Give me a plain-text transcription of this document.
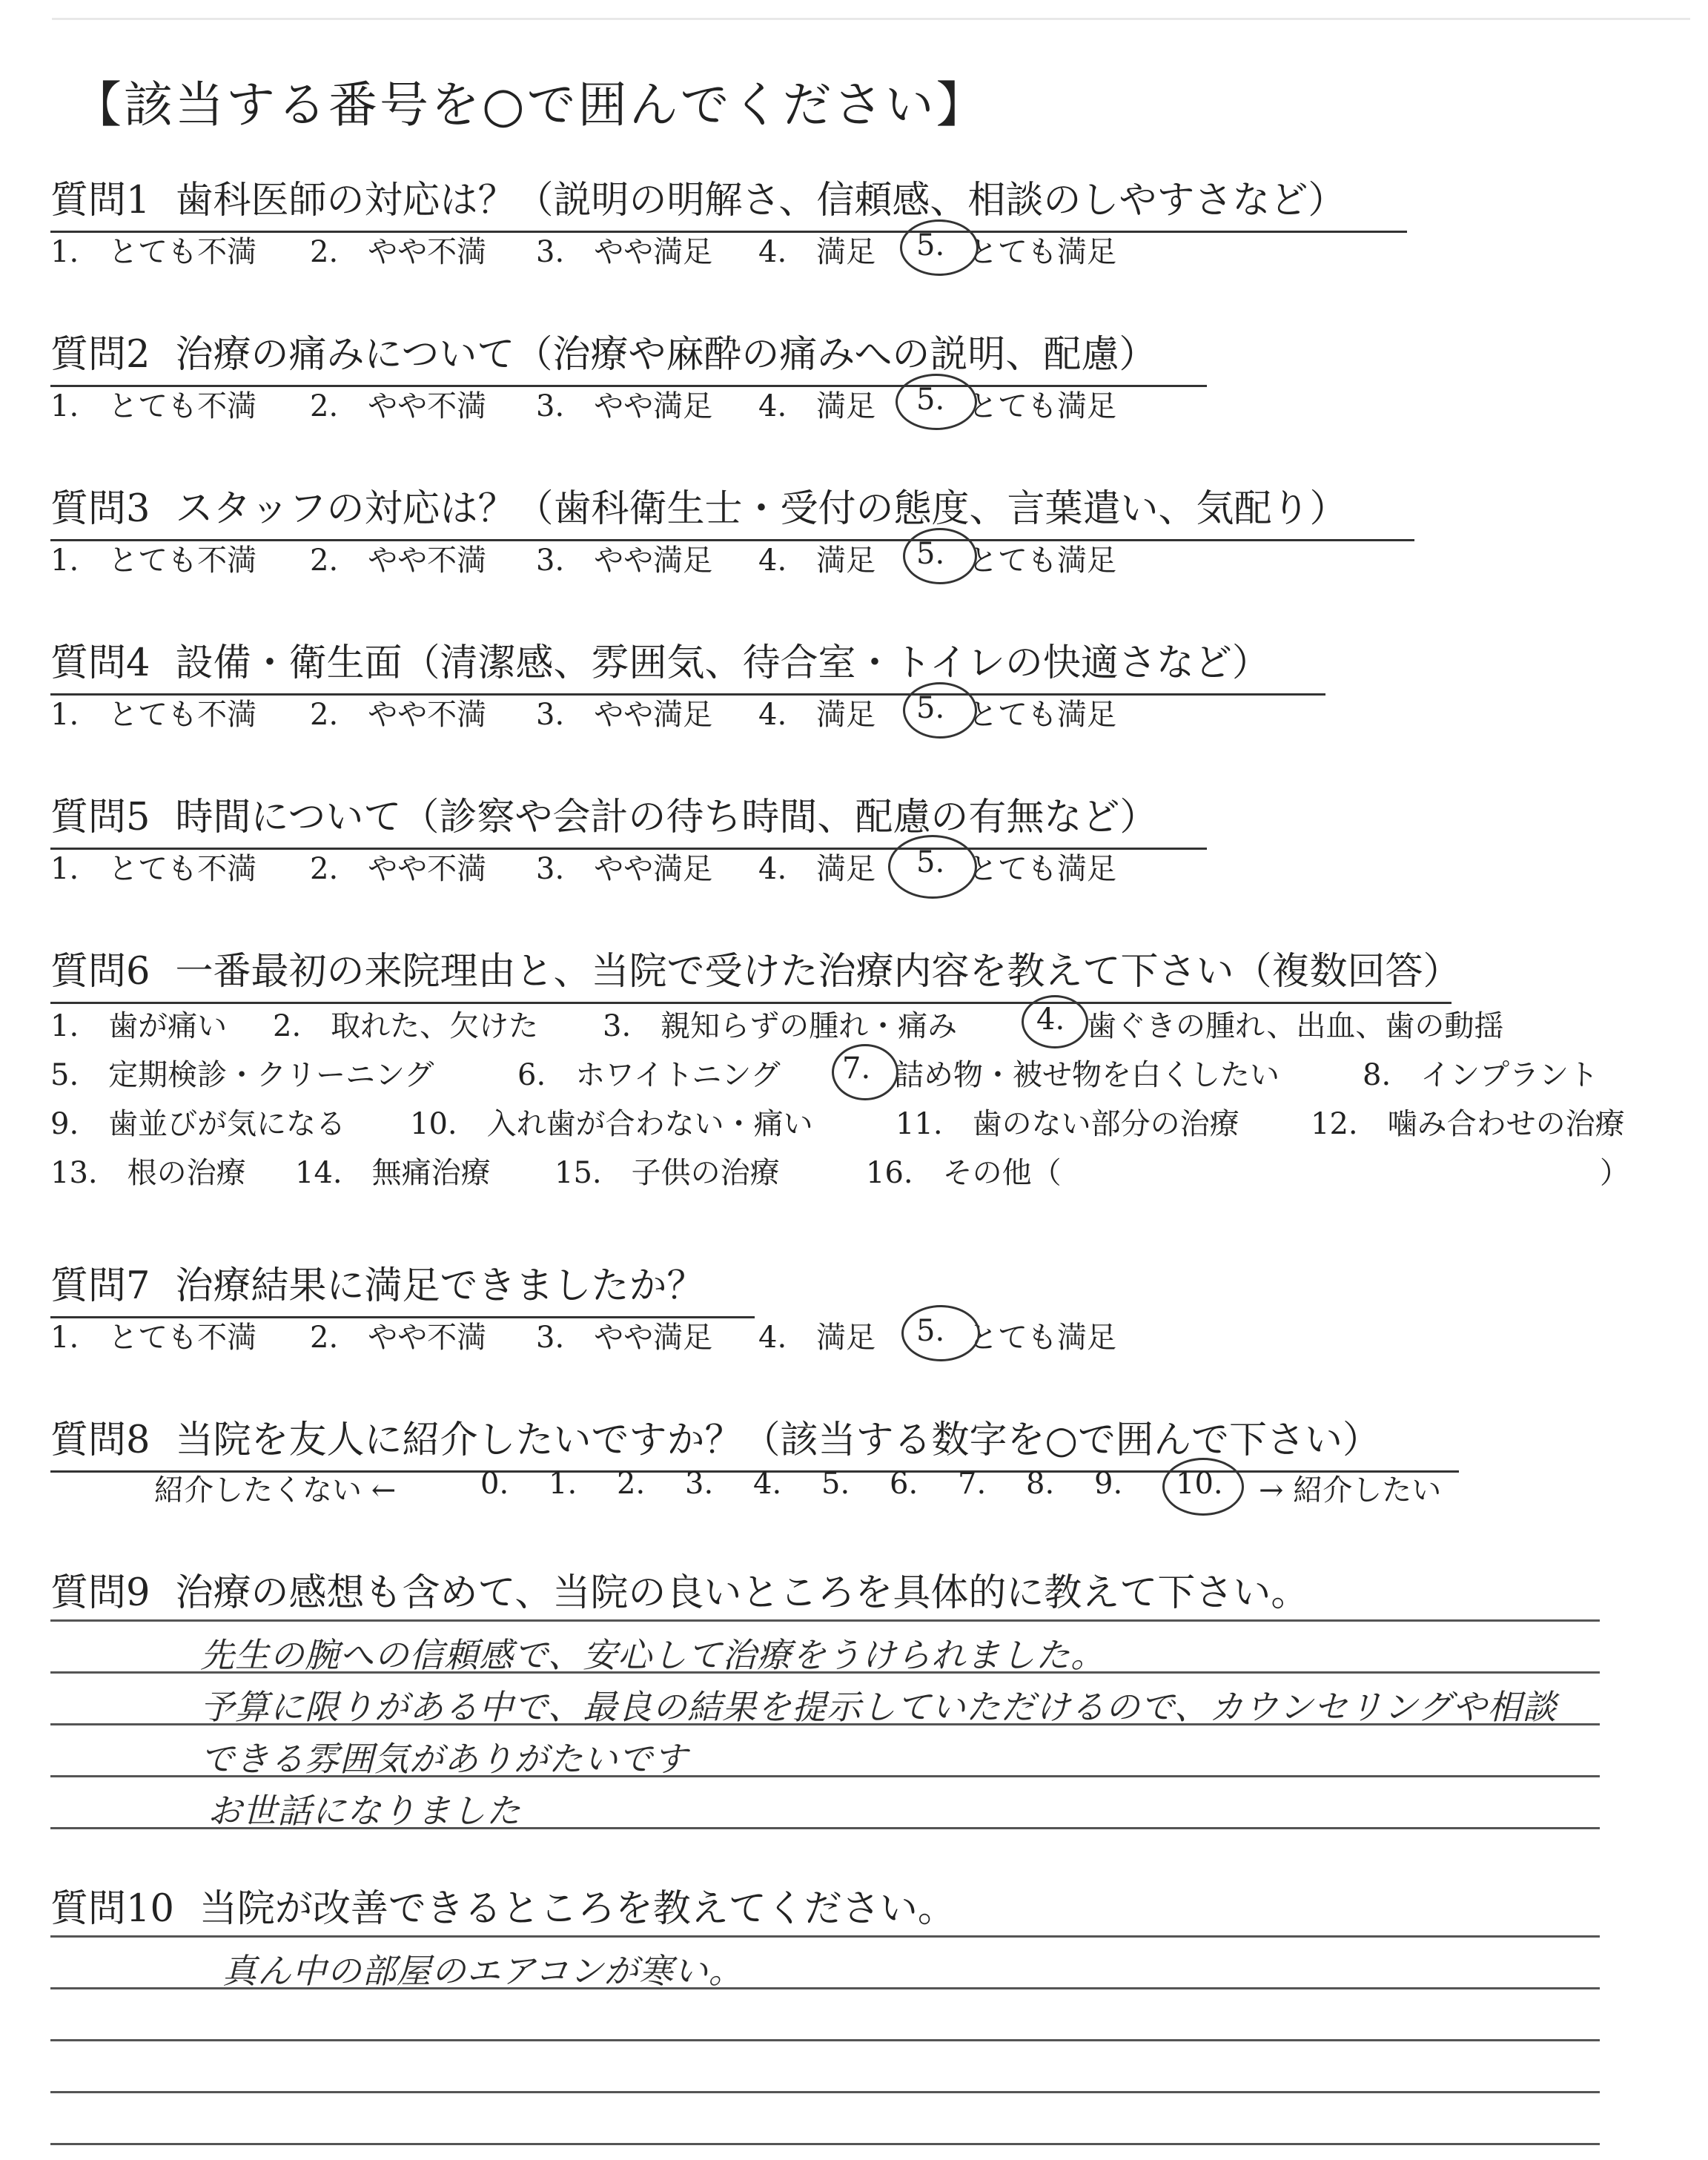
【該当する番号を○で囲んでください】
質問1 歯科医師の対応は？（説明の明解さ、信頼感、相談のしやすさなど）
1.　とても不満 2.　やや不満 3.　やや満足 4.　満足 5. とても満足
質問2 治療の痛みについて（治療や麻酔の痛みへの説明、配慮）
1.　とても不満 2.　やや不満 3.　やや満足 4.　満足 5. とても満足
質問3 スタッフの対応は？（歯科衛生士・受付の態度、言葉遣い、気配り）
1.　とても不満 2.　やや不満 3.　やや満足 4.　満足 5. とても満足
質問4 設備・衛生面（清潔感、雰囲気、待合室・トイレの快適さなど）
1.　とても不満 2.　やや不満 3.　やや満足 4.　満足 5. とても満足
質問5 時間について（診察や会計の待ち時間、配慮の有無など）
1.　とても不満 2.　やや不満 3.　やや満足 4.　満足 5. とても満足
質問6 一番最初の来院理由と、当院で受けた治療内容を教えて下さい（複数回答）
1.　歯が痛い 2.　取れた、欠けた 3.　親知らずの腫れ・痛み	4. 歯ぐきの腫れ、出血、歯の動揺
5.　定期検診・クリーニング	6.　ホワイトニング 7. 詰め物・被せ物を白くしたい	8.　インプラント
9.　歯並びが気になる 10.　入れ歯が合わない・痛い	11.　歯のない部分の治療 12.　噛み合わせの治療
13.　根の治療 14.　無痛治療 15.　子供の治療	16.　その他（	）
質問7 治療結果に満足できましたか？
1.　とても不満 2.　やや不満 3.　やや満足 4.　満足 5. とても満足
質問8 当院を友人に紹介したいですか？（該当する数字を○で囲んで下さい）
紹介したくない ←	0. 1. 2. 3. 4. 5. 6. 7. 8. 9. 10. → 紹介したい
質問9 治療の感想も含めて、当院の良いところを具体的に教えて下さい。
先生の腕への信頼感で、安心して治療をうけられました。
予算に限りがある中で、最良の結果を提示していただけるので、カウンセリングや相談
できる雰囲気がありがたいです
お世話になりました
質問10 当院が改善できるところを教えてください。
真ん中の部屋のエアコンが寒い。
